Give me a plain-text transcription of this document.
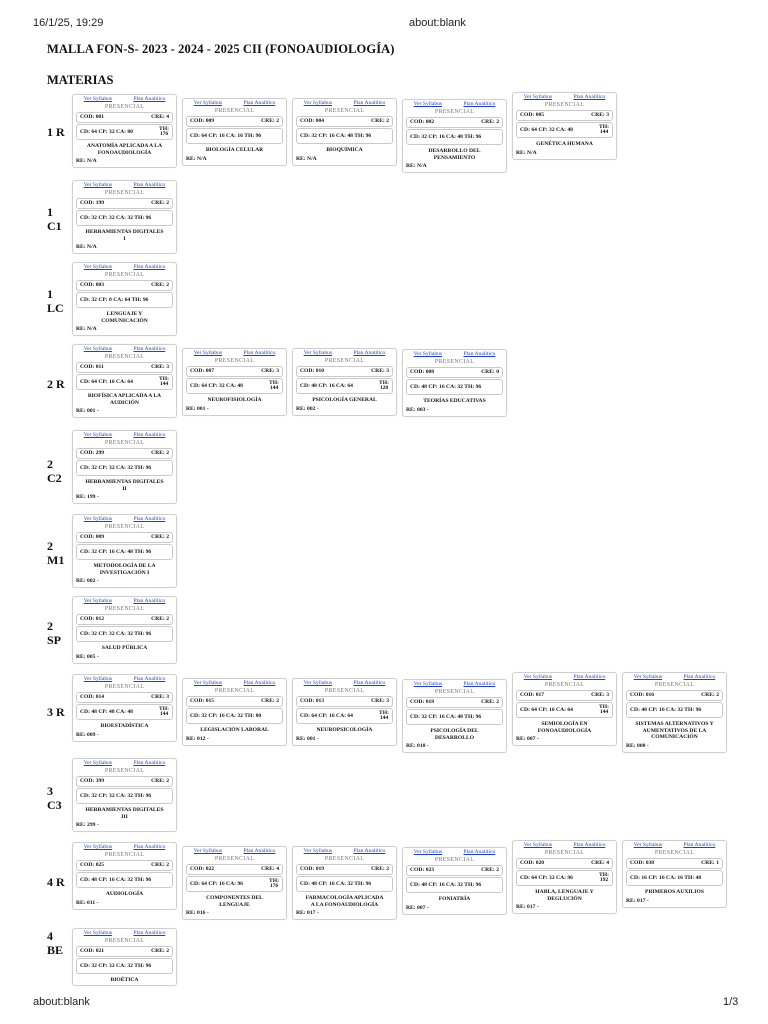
16/1/25, 19:29	about:blank
MALLA FON-S- 2023 - 2024 - 2025 CII (FONOAUDIOLOGÍA)
MATERIAS
1 R
Ver Syllabus	Plan Analítico
PRESENCIAL
COD: 001	CRE: 4
CD: 64 CP: 32 CA: 80	TH:
176
ANATOMÍA APLICADA A LA
FONOAUDIOLOGÍA
RE: N/A
Ver Syllabus	Plan Analítico
PRESENCIAL
COD: 009	CRE: 2
CD: 64 CP: 16 CA: 16 TH: 96
BIOLOGÍA CELULAR
RE: N/A
Ver Syllabus	Plan Analítico
PRESENCIAL
COD: 004	CRE: 2
CD: 32 CP: 16 CA: 48 TH: 96
BIOQUÍMICA
RE: N/A
Ver Syllabus	Plan Analítico
PRESENCIAL
COD: 002	CRE: 2
CD: 32 CP: 16 CA: 48 TH: 96
DESARROLLO DEL
PENSAMIENTO
RE: N/A
Ver Syllabus	Plan Analítico
PRESENCIAL
COD: 005	CRE: 3
CD: 64 CP: 32 CA: 48	TH:
144
GENÉTICA HUMANA
RE: N/A
1
C1
Ver Syllabus	Plan Analítico
PRESENCIAL
COD: 199	CRE: 2
CD: 32 CP: 32 CA: 32 TH: 96
HERRAMIENTAS DIGITALES
I
RE: N/A
1
LC
Ver Syllabus	Plan Analítico
PRESENCIAL
COD: 003	CRE: 2
CD: 32 CP: 0 CA: 64 TH: 96
LENGUAJE Y
COMUNICACIÓN
RE: N/A
2 R
Ver Syllabus	Plan Analítico
PRESENCIAL
COD: 011	CRE: 3
CD: 64 CP: 16 CA: 64	TH:
144
BIOFÍSICA APLICADA A LA
AUDICIÓN
RE: 001 -
Ver Syllabus	Plan Analítico
PRESENCIAL
COD: 007	CRE: 3
CD: 64 CP: 32 CA: 48	TH:
144
NEUROFISIOLOGÍA
RE: 001 -
Ver Syllabus	Plan Analítico
PRESENCIAL
COD: 010	CRE: 3
CD: 48 CP: 16 CA: 64	TH:
128
PSICOLOGÍA GENERAL
RE: 002 -
Ver Syllabus	Plan Analítico
PRESENCIAL
COD: 008	CRE: 0
CD: 48 CP: 16 CA: 32 TH: 96
TEORÍAS EDUCATIVAS
RE: 003 -
2
C2
Ver Syllabus	Plan Analítico
PRESENCIAL
COD: 299	CRE: 2
CD: 32 CP: 32 CA: 32 TH: 96
HERRAMIENTAS DIGITALES
II
RE: 199 -
2
M1
Ver Syllabus	Plan Analítico
PRESENCIAL
COD: 009	CRE: 2
CD: 32 CP: 16 CA: 48 TH: 96
METODOLOGÍA DE LA
INVESTIGACIÓN I
RE: 002 -
2
SP
Ver Syllabus	Plan Analítico
PRESENCIAL
COD: 012	CRE: 2
CD: 32 CP: 32 CA: 32 TH: 96
SALUD PÚBLICA
RE: 005 -
3 R
Ver Syllabus	Plan Analítico
PRESENCIAL
COD: 014	CRE: 3
CD: 48 CP: 48 CA: 48	TH:
144
BIOESTADÍSTICA
RE: 009 -
Ver Syllabus	Plan Analítico
PRESENCIAL
COD: 015	CRE: 2
CD: 32 CP: 16 CA: 32 TH: 80
LEGISLACIÓN LABORAL
RE: 012 -
Ver Syllabus	Plan Analítico
PRESENCIAL
COD: 013	CRE: 3
CD: 64 CP: 16 CA: 64	TH:
144
NEUROPSICOLOGÍA
RE: 001 -
Ver Syllabus	Plan Analítico
PRESENCIAL
COD: 018	CRE: 2
CD: 32 CP: 16 CA: 48 TH: 96
PSICOLOGÍA DEL
DESARROLLO
RE: 010 -
Ver Syllabus	Plan Analítico
PRESENCIAL
COD: 017	CRE: 3
CD: 64 CP: 16 CA: 64	TH:
144
SEMIOLOGÍA EN
FONOAUDIOLOGÍA
RE: 007 -
Ver Syllabus	Plan Analítico
PRESENCIAL
COD: 016	CRE: 2
CD: 48 CP: 16 CA: 32 TH: 96
SISTEMAS ALTERNATIVOS Y
AUMENTATIVOS DE LA
COMUNICACIÓN
RE: 008 -
3
C3
Ver Syllabus	Plan Analítico
PRESENCIAL
COD: 399	CRE: 2
CD: 32 CP: 32 CA: 32 TH: 96
HERRAMIENTAS DIGITALES
III
RE: 299 -
4 R
Ver Syllabus	Plan Analítico
PRESENCIAL
COD: 025	CRE: 2
CD: 48 CP: 16 CA: 32 TH: 96
AUDIOLOGÍA
RE: 011 -
Ver Syllabus	Plan Analítico
PRESENCIAL
COD: 022	CRE: 4
CD: 64 CP: 16 CA: 96	TH:
176
COMPONENTES DEL
LENGUAJE
RE: 016 -
Ver Syllabus	Plan Analítico
PRESENCIAL
COD: 019	CRE: 2
CD: 48 CP: 16 CA: 32 TH: 96
FARMACOLOGÍA APLICADA
A LA FONOAUDIOLOGÍA
RE: 017 -
Ver Syllabus	Plan Analítico
PRESENCIAL
COD: 023	CRE: 2
CD: 48 CP: 16 CA: 32 TH: 96
FONIATRÍA
RE: 007 -
Ver Syllabus	Plan Analítico
PRESENCIAL
COD: 020	CRE: 4
CD: 64 CP: 32 CA: 96	TH:
192
HABLA, LENGUAJE Y
DEGLUCIÓN
RE: 017 -
Ver Syllabus	Plan Analítico
PRESENCIAL
COD: 038	CRE: 1
CD: 16 CP: 16 CA: 16 TH: 48
PRIMEROS AUXILIOS
RE: 017 -
4
BE
Ver Syllabus	Plan Analítico
PRESENCIAL
COD: 021	CRE: 2
CD: 32 CP: 32 CA: 32 TH: 96
BIOÉTICA
about:blank	1/3
